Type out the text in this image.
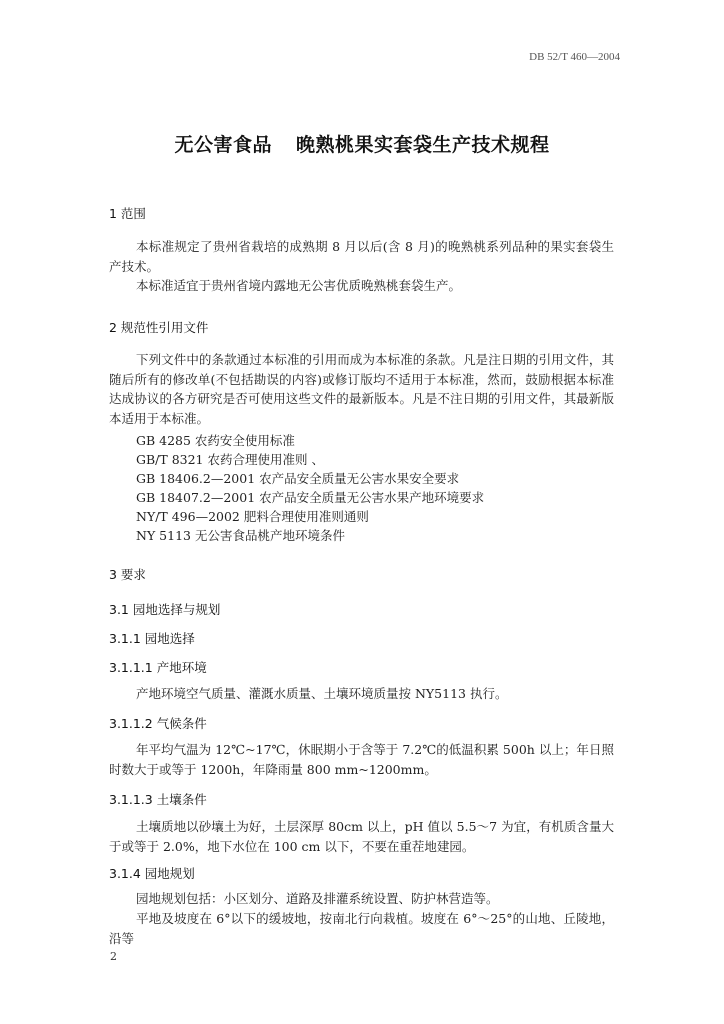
DB 52/T 460—2004
无公害食品 晚熟桃果实套袋生产技术规程
1 范围
本标准规定了贵州省栽培的成熟期 8 月以后(含 8 月)的晚熟桃系列品种的果实套袋生产技术。
本标准适宜于贵州省境内露地无公害优质晚熟桃套袋生产。
2 规范性引用文件
下列文件中的条款通过本标准的引用而成为本标准的条款。凡是注日期的引用文件，其随后所有的修改单(不包括勘误的内容)或修订版均不适用于本标准，然而，鼓励根据本标准达成协议的各方研究是否可使用这些文件的最新版本。凡是不注日期的引用文件，其最新版本适用于本标准。
GB 4285 农药安全使用标准
GB/T 8321 农药合理使用准则 、
GB 18406.2—2001 农产品安全质量无公害水果安全要求
GB 18407.2—2001 农产品安全质量无公害水果产地环境要求
NY/T 496—2002 肥料合理使用准则通则
NY 5113 无公害食品桃产地环境条件
3 要求
3.1 园地选择与规划
3.1.1 园地选择
3.1.1.1 产地环境
产地环境空气质量、灌溉水质量、土壤环境质量按 NY5113 执行。
3.1.1.2 气候条件
年平均气温为 12℃~17℃，休眠期小于含等于 7.2℃的低温积累 500h 以上；年日照时数大于或等于 1200h，年降雨量 800 mm~1200mm。
3.1.1.3 土壤条件
土壤质地以砂壤土为好，土层深厚 80cm 以上，pH 值以 5.5～7 为宜，有机质含量大于或等于 2.0%，地下水位在 100 cm 以下，不要在重茬地建园。
3.1.4 园地规划
园地规划包括：小区划分、道路及排灌系统设置、防护林营造等。
平地及坡度在 6°以下的缓坡地，按南北行向栽植。坡度在 6°～25°的山地、丘陵地，沿等
2
